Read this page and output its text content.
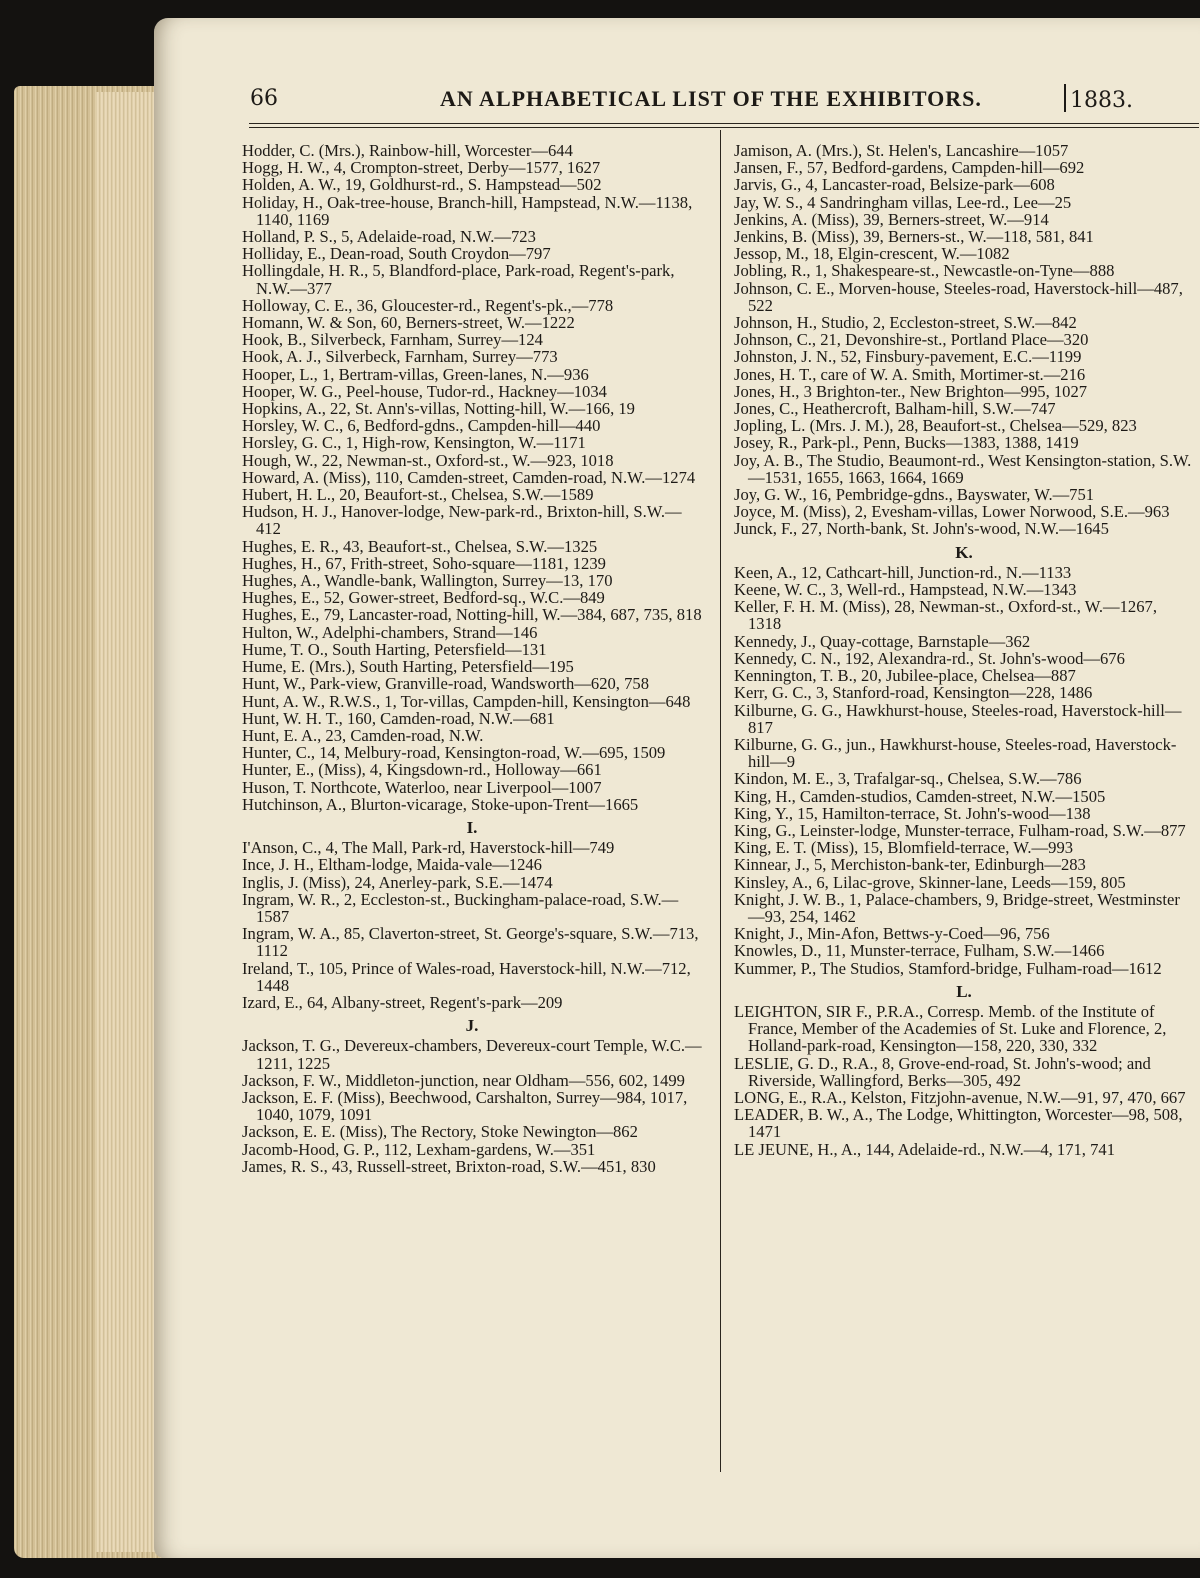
66	AN ALPHABETICAL LIST OF THE EXHIBITORS.	1883.

Hodder, C. (Mrs.), Rainbow-hill, Worcester—644

Hogg, H. W., 4, Crompton-street, Derby—1577, 1627

Holden, A. W., 19, Goldhurst-rd., S. Hampstead—502

Holiday, H., Oak-tree-house, Branch-hill, Hampstead, N.W.—1138, 1140, 1169

Holland, P. S., 5, Adelaide-road, N.W.—723

Holliday, E., Dean-road, South Croydon—797

Hollingdale, H. R., 5, Blandford-place, Park-road, Regent's-park, N.W.—377

Holloway, C. E., 36, Gloucester-rd., Regent's-pk.,—778

Homann, W. & Son, 60, Berners-street, W.—1222

Hook, B., Silverbeck, Farnham, Surrey—124

Hook, A. J., Silverbeck, Farnham, Surrey—773

Hooper, L., 1, Bertram-villas, Green-lanes, N.—936

Hooper, W. G., Peel-house, Tudor-rd., Hackney—1034

Hopkins, A., 22, St. Ann's-villas, Notting-hill, W.—166, 19

Horsley, W. C., 6, Bedford-gdns., Campden-hill—440

Horsley, G. C., 1, High-row, Kensington, W.—1171

Hough, W., 22, Newman-st., Oxford-st., W.—923, 1018

Howard, A. (Miss), 110, Camden-street, Camden-road, N.W.—1274

Hubert, H. L., 20, Beaufort-st., Chelsea, S.W.—1589

Hudson, H. J., Hanover-lodge, New-park-rd., Brixton-hill, S.W.—412

Hughes, E. R., 43, Beaufort-st., Chelsea, S.W.—1325

Hughes, H., 67, Frith-street, Soho-square—1181, 1239

Hughes, A., Wandle-bank, Wallington, Surrey—13, 170

Hughes, E., 52, Gower-street, Bedford-sq., W.C.—849

Hughes, E., 79, Lancaster-road, Notting-hill, W.—384, 687, 735, 818

Hulton, W., Adelphi-chambers, Strand—146

Hume, T. O., South Harting, Petersfield—131

Hume, E. (Mrs.), South Harting, Petersfield—195

Hunt, W., Park-view, Granville-road, Wandsworth—620, 758

Hunt, A. W., R.W.S., 1, Tor-villas, Campden-hill, Kensington—648

Hunt, W. H. T., 160, Camden-road, N.W.—681

Hunt, E. A., 23, Camden-road, N.W.

Hunter, C., 14, Melbury-road, Kensington-road, W.—695, 1509

Hunter, E., (Miss), 4, Kingsdown-rd., Holloway—661

Huson, T. Northcote, Waterloo, near Liverpool—1007

Hutchinson, A., Blurton-vicarage, Stoke-upon-Trent—1665

I.

I'Anson, C., 4, The Mall, Park-rd, Haverstock-hill—749

Ince, J. H., Eltham-lodge, Maida-vale—1246

Inglis, J. (Miss), 24, Anerley-park, S.E.—1474

Ingram, W. R., 2, Eccleston-st., Buckingham-palace-road, S.W.—1587

Ingram, W. A., 85, Claverton-street, St. George's-square, S.W.—713, 1112

Ireland, T., 105, Prince of Wales-road, Haverstock-hill, N.W.—712, 1448

Izard, E., 64, Albany-street, Regent's-park—209

J.

Jackson, T. G., Devereux-chambers, Devereux-court Temple, W.C.—1211, 1225

Jackson, F. W., Middleton-junction, near Oldham—556, 602, 1499

Jackson, E. F. (Miss), Beechwood, Carshalton, Surrey—984, 1017, 1040, 1079, 1091

Jackson, E. E. (Miss), The Rectory, Stoke Newington—862

Jacomb-Hood, G. P., 112, Lexham-gardens, W.—351

James, R. S., 43, Russell-street, Brixton-road, S.W.—451, 830

Jamison, A. (Mrs.), St. Helen's, Lancashire—1057

Jansen, F., 57, Bedford-gardens, Campden-hill—692

Jarvis, G., 4, Lancaster-road, Belsize-park—608

Jay, W. S., 4 Sandringham villas, Lee-rd., Lee—25

Jenkins, A. (Miss), 39, Berners-street, W.—914

Jenkins, B. (Miss), 39, Berners-st., W.—118, 581, 841

Jessop, M., 18, Elgin-crescent, W.—1082

Jobling, R., 1, Shakespeare-st., Newcastle-on-Tyne—888

Johnson, C. E., Morven-house, Steeles-road, Haverstock-hill—487, 522

Johnson, H., Studio, 2, Eccleston-street, S.W.—842

Johnson, C., 21, Devonshire-st., Portland Place—320

Johnston, J. N., 52, Finsbury-pavement, E.C.—1199

Jones, H. T., care of W. A. Smith, Mortimer-st.—216

Jones, H., 3 Brighton-ter., New Brighton—995, 1027

Jones, C., Heathercroft, Balham-hill, S.W.—747

Jopling, L. (Mrs. J. M.), 28, Beaufort-st., Chelsea—529, 823

Josey, R., Park-pl., Penn, Bucks—1383, 1388, 1419

Joy, A. B., The Studio, Beaumont-rd., West Kensington-station, S.W.—1531, 1655, 1663, 1664, 1669

Joy, G. W., 16, Pembridge-gdns., Bayswater, W.—751

Joyce, M. (Miss), 2, Evesham-villas, Lower Norwood, S.E.—963

Junck, F., 27, North-bank, St. John's-wood, N.W.—1645

K.

Keen, A., 12, Cathcart-hill, Junction-rd., N.—1133

Keene, W. C., 3, Well-rd., Hampstead, N.W.—1343

Keller, F. H. M. (Miss), 28, Newman-st., Oxford-st., W.—1267, 1318

Kennedy, J., Quay-cottage, Barnstaple—362

Kennedy, C. N., 192, Alexandra-rd., St. John's-wood—676

Kennington, T. B., 20, Jubilee-place, Chelsea—887

Kerr, G. C., 3, Stanford-road, Kensington—228, 1486

Kilburne, G. G., Hawkhurst-house, Steeles-road, Haverstock-hill—817

Kilburne, G. G., jun., Hawkhurst-house, Steeles-road, Haverstock-hill—9

Kindon, M. E., 3, Trafalgar-sq., Chelsea, S.W.—786

King, H., Camden-studios, Camden-street, N.W.—1505

King, Y., 15, Hamilton-terrace, St. John's-wood—138

King, G., Leinster-lodge, Munster-terrace, Fulham-road, S.W.—877

King, E. T. (Miss), 15, Blomfield-terrace, W.—993

Kinnear, J., 5, Merchiston-bank-ter, Edinburgh—283

Kinsley, A., 6, Lilac-grove, Skinner-lane, Leeds—159, 805

Knight, J. W. B., 1, Palace-chambers, 9, Bridge-street, Westminster—93, 254, 1462

Knight, J., Min-Afon, Bettws-y-Coed—96, 756

Knowles, D., 11, Munster-terrace, Fulham, S.W.—1466

Kummer, P., The Studios, Stamford-bridge, Fulham-road—1612

L.

LEIGHTON, SIR F., P.R.A., Corresp. Memb. of the Institute of France, Member of the Academies of St. Luke and Florence, 2, Holland-park-road, Kensington—158, 220, 330, 332

LESLIE, G. D., R.A., 8, Grove-end-road, St. John's-wood; and Riverside, Wallingford, Berks—305, 492

LONG, E., R.A., Kelston, Fitzjohn-avenue, N.W.—91, 97, 470, 667

LEADER, B. W., A., The Lodge, Whittington, Worcester—98, 508, 1471

LE JEUNE, H., A., 144, Adelaide-rd., N.W.—4, 171, 741
